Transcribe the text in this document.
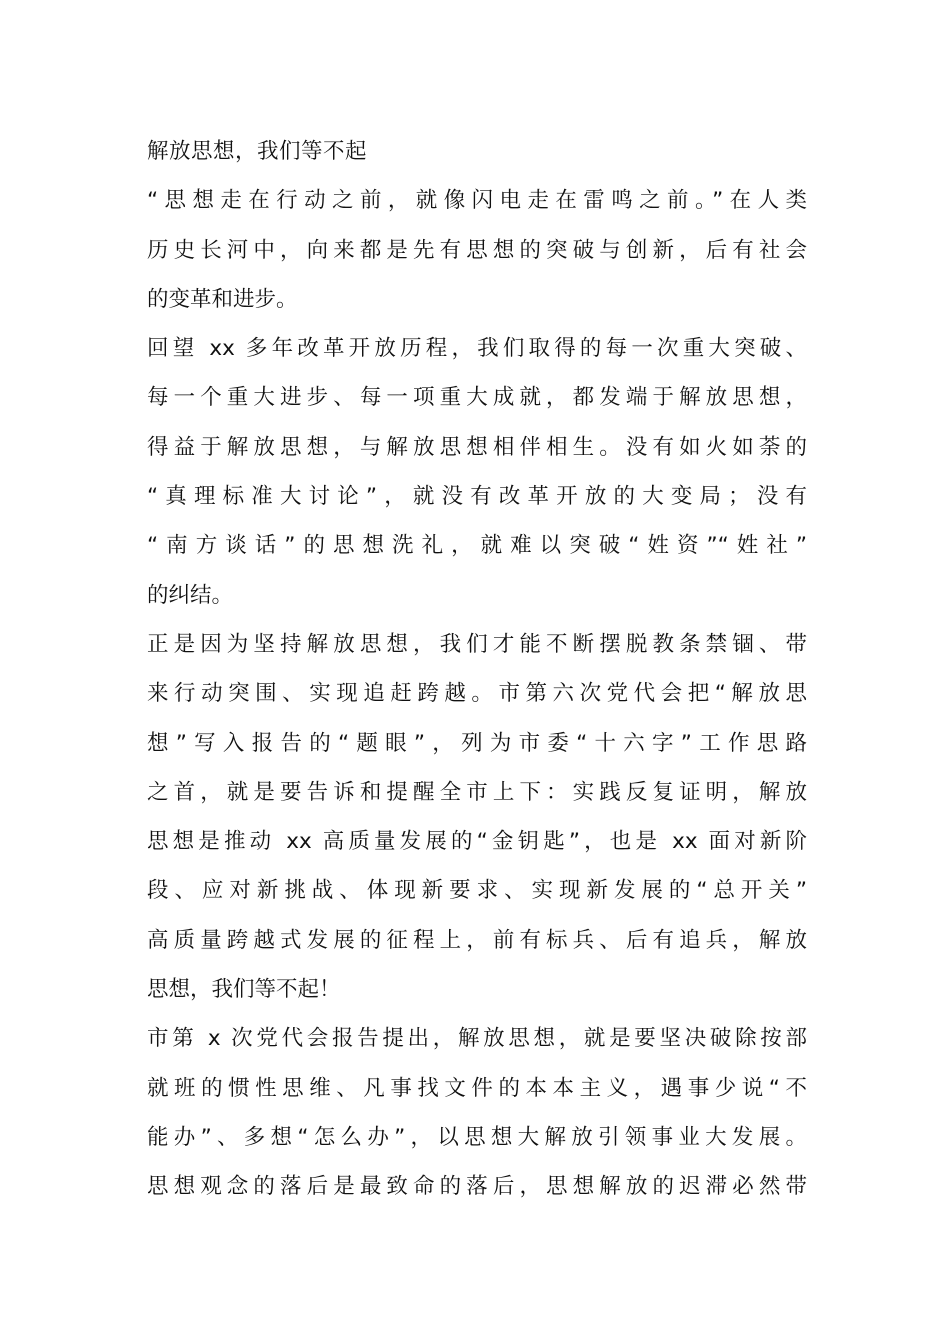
解放思想，我们等不起
“思想走在行动之前，就像闪电走在雷鸣之前。”在人类
历史长河中，向来都是先有思想的突破与创新，后有社会
的变革和进步。
回望 xx 多年改革开放历程，我们取得的每一次重大突破、
每一个重大进步、每一项重大成就，都发端于解放思想，
得益于解放思想，与解放思想相伴相生。没有如火如荼的
“真理标准大讨论”，就没有改革开放的大变局；没有
“南方谈话”的思想洗礼，就难以突破“姓资”“姓社”
的纠结。
正是因为坚持解放思想，我们才能不断摆脱教条禁锢、带
来行动突围、实现追赶跨越。市第六次党代会把“解放思
想”写入报告的“题眼”，列为市委“十六字”工作思路
之首，就是要告诉和提醒全市上下：实践反复证明，解放
思想是推动 xx 高质量发展的“金钥匙”，也是 xx 面对新阶
段、应对新挑战、体现新要求、实现新发展的“总开关”
高质量跨越式发展的征程上，前有标兵、后有追兵，解放
思想，我们等不起！
市第 x 次党代会报告提出，解放思想，就是要坚决破除按部
就班的惯性思维、凡事找文件的本本主义，遇事少说“不
能办”、多想“怎么办”，以思想大解放引领事业大发展。
思想观念的落后是最致命的落后，思想解放的迟滞必然带
